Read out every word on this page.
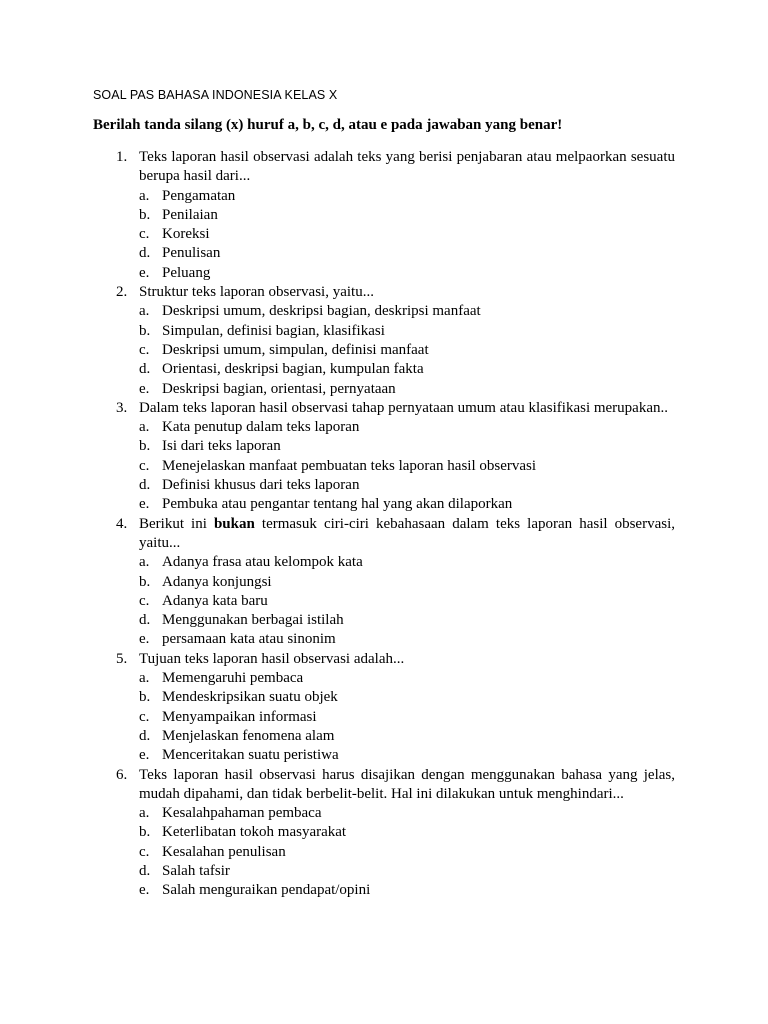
SOAL PAS BAHASA INDONESIA KELAS X
Berilah tanda silang (x) huruf a, b, c, d, atau e pada jawaban yang benar!
1. Teks laporan hasil observasi adalah teks yang berisi penjabaran atau melpaorkan sesuatu berupa hasil dari...
a. Pengamatan
b. Penilaian
c. Koreksi
d. Penulisan
e. Peluang
2. Struktur teks laporan observasi, yaitu...
a. Deskripsi umum, deskripsi bagian, deskripsi manfaat
b. Simpulan, definisi bagian, klasifikasi
c. Deskripsi umum, simpulan, definisi manfaat
d. Orientasi, deskripsi bagian, kumpulan fakta
e. Deskripsi bagian, orientasi, pernyataan
3. Dalam teks laporan hasil observasi tahap pernyataan umum atau klasifikasi merupakan..
a. Kata penutup dalam teks laporan
b. Isi dari teks laporan
c. Menejelaskan manfaat pembuatan teks laporan hasil observasi
d. Definisi khusus dari teks laporan
e. Pembuka atau pengantar tentang hal yang akan dilaporkan
4. Berikut ini bukan termasuk ciri-ciri kebahasaan dalam teks laporan hasil observasi, yaitu...
a. Adanya frasa atau kelompok kata
b. Adanya konjungsi
c. Adanya kata baru
d. Menggunakan berbagai istilah
e. persamaan kata atau sinonim
5. Tujuan teks laporan hasil observasi adalah...
a. Memengaruhi pembaca
b. Mendeskripsikan suatu objek
c. Menyampaikan informasi
d. Menjelaskan fenomena alam
e. Menceritakan suatu peristiwa
6. Teks laporan hasil observasi harus disajikan dengan menggunakan bahasa yang jelas, mudah dipahami, dan tidak berbelit-belit. Hal ini dilakukan untuk menghindari...
a. Kesalahpahaman pembaca
b. Keterlibatan tokoh masyarakat
c. Kesalahan penulisan
d. Salah tafsir
e. Salah menguraikan pendapat/opini
